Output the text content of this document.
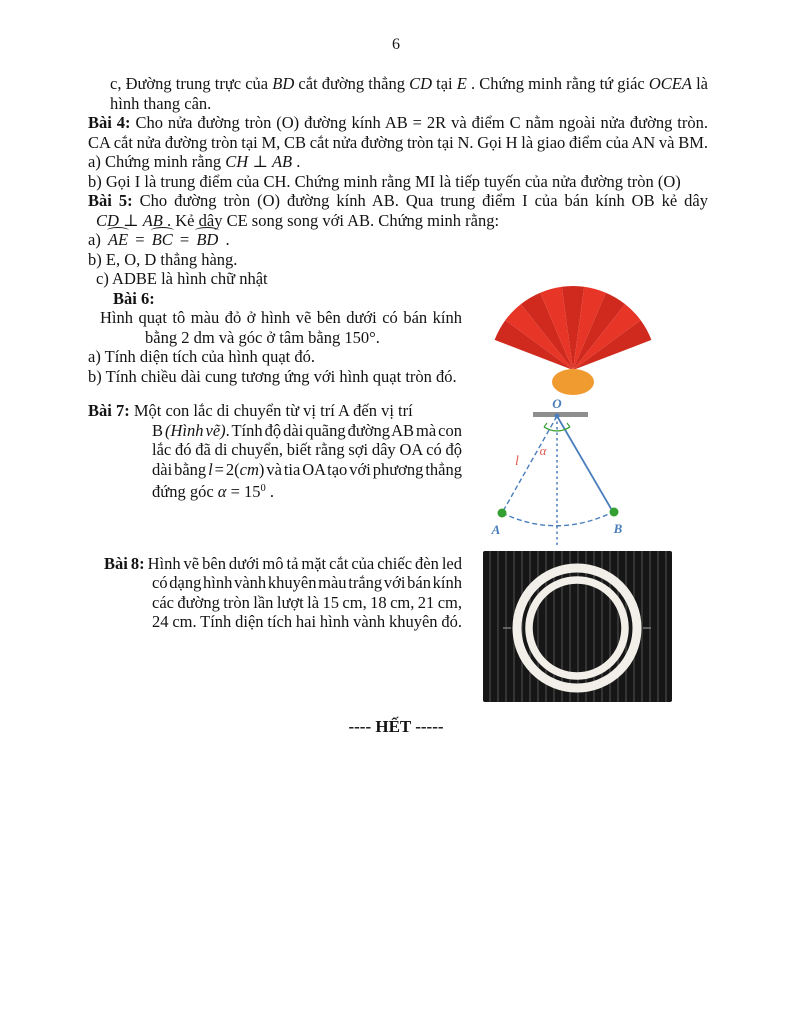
6
c, Đường trung trực của BD cắt đường thẳng CD tại E . Chứng minh rằng tứ giác OCEA là
hình thang cân.
Bài 4: Cho nửa đường tròn (O) đường kính AB = 2R và điểm C nằm ngoài nửa đường tròn.
CA cắt nửa đường tròn tại M, CB cắt nửa đường tròn tại N. Gọi H là giao điểm của AN và BM.
a) Chứng minh rằng CH ⊥ AB .
b) Gọi I là trung điểm của CH. Chứng minh rằng MI là tiếp tuyến của nửa đường tròn (O)
Bài 5: Cho đường tròn (O) đường kính AB. Qua trung điểm I của bán kính OB kẻ dây
CD ⊥ AB . Kẻ dây CE song song với AB. Chứng minh rằng:
a) AE = BC = BD .
b) E, O, D thẳng hàng.
c) ADBE là hình chữ nhật
Bài 6:
Hình quạt tô màu đỏ ở hình vẽ bên dưới có bán kính
bằng 2 dm và góc ở tâm bằng 150°.
a) Tính diện tích của hình quạt đó.
b) Tính chiều dài cung tương ứng với hình quạt tròn đó.
Bài 7: Một con lắc di chuyển từ vị trí A đến vị trí
B (Hình vẽ). Tính độ dài quãng đường AB mà con
lắc đó đã di chuyển, biết rằng sợi dây OA có độ
dài bằng l = 2(cm) và tia OA tạo với phương thẳng
đứng góc $\alpha = 15^0$ .
Bài 8: Hình vẽ bên dưới mô tả mặt cắt của chiếc đèn led
có dạng hình vành khuyên màu trắng với bán kính
các đường tròn lần lượt là 15 cm, 18 cm, 21 cm,
24 cm. Tính diện tích hai hình vành khuyên đó.
O
A	B
l
α
---- HẾT -----
